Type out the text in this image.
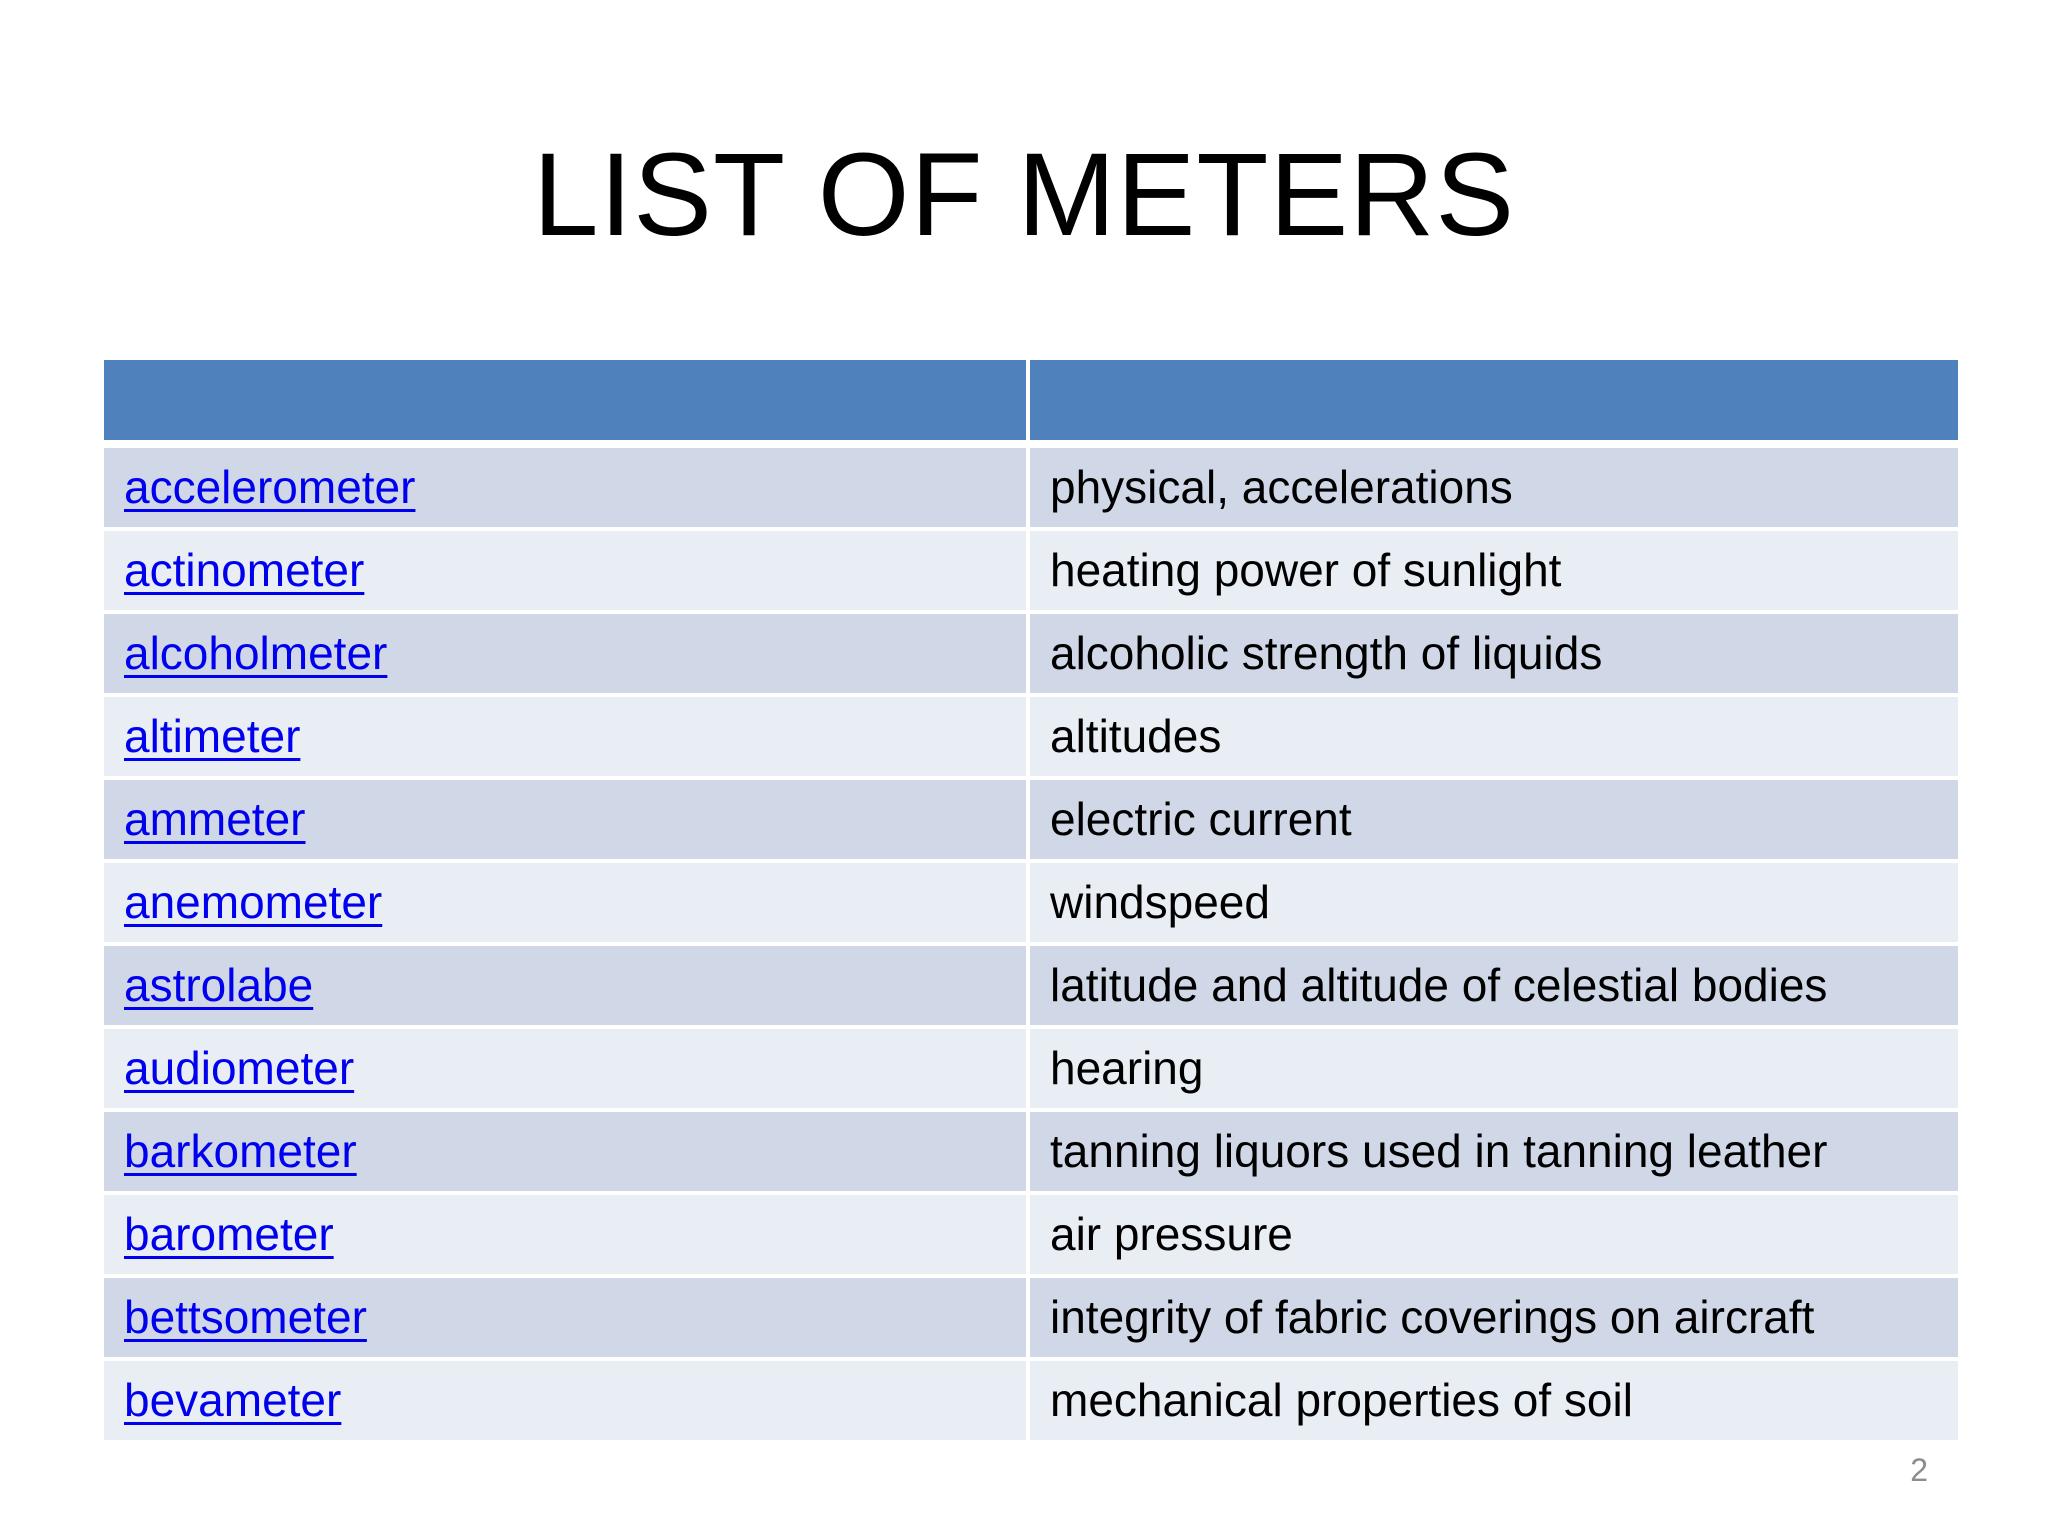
LIST OF METERS

accelerometer	physical, accelerations
actinometer	heating power of sunlight
alcoholmeter	alcoholic strength of liquids
altimeter	altitudes
ammeter	electric current
anemometer	windspeed
astrolabe	latitude and altitude of celestial bodies
audiometer	hearing
barkometer	tanning liquors used in tanning leather
barometer	air pressure
bettsometer	integrity of fabric coverings on aircraft
bevameter	mechanical properties of soil
2
